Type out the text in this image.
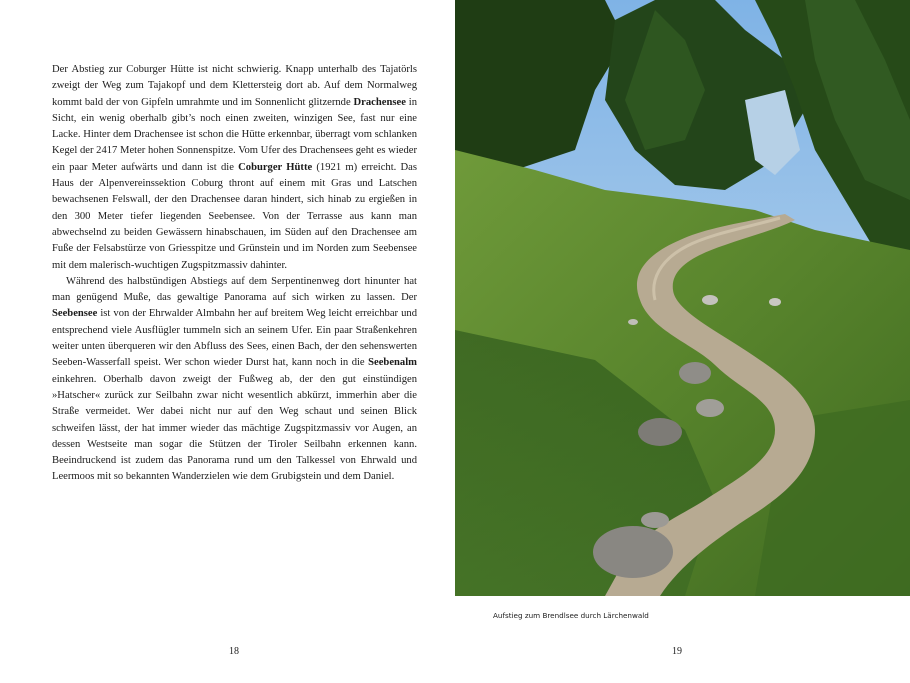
Der Abstieg zur Coburger Hütte ist nicht schwierig. Knapp unterhalb des Tajatörls zweigt der Weg zum Tajakopf und dem Klettersteig dort ab. Auf dem Normalweg kommt bald der von Gipfeln umrahmte und im Sonnenlicht glitzernde Drachensee in Sicht, ein wenig oberhalb gibt’s noch einen zweiten, winzigen See, fast nur eine Lacke. Hinter dem Drachensee ist schon die Hütte erkennbar, überragt vom schlanken Kegel der 2417 Meter hohen Sonnenspitze. Vom Ufer des Drachensees geht es wieder ein paar Meter aufwärts und dann ist die Coburger Hütte (1921 m) erreicht. Das Haus der Alpenvereinssektion Coburg thront auf einem mit Gras und Latschen bewachsenen Felswall, der den Drachensee daran hindert, sich hinab zu ergießen in den 300 Meter tiefer liegenden Seebensee. Von der Terrasse aus kann man abwechselnd zu beiden Gewässern hinabschauen, im Süden auf den Drachensee am Fuße der Felsabstürze von Griesspitze und Grünstein und im Norden zum Seebensee mit dem malerisch-wuchtigen Zugspitzmassiv dahinter.

Während des halbstündigen Abstiegs auf dem Serpentinenweg dort hinunter hat man genügend Muße, das gewaltige Panorama auf sich wirken zu lassen. Der Seebensee ist von der Ehrwalder Almbahn her auf breitem Weg leicht erreichbar und entsprechend viele Ausflügler tummeln sich an seinem Ufer. Ein paar Straßenkehren weiter unten überqueren wir den Abfluss des Sees, einen Bach, der den sehenswerten Seeben-Wasserfall speist. Wer schon wieder Durst hat, kann noch in die Seebenalm einkehren. Oberhalb davon zweigt der Fußweg ab, der den gut einstündigen »Hatscher« zurück zur Seilbahn zwar nicht wesentlich abkürzt, immerhin aber die Straße vermeidet. Wer dabei nicht nur auf den Weg schaut und seinen Blick schweifen lässt, der hat immer wieder das mächtige Zugspitzmassiv vor Augen, an dessen Westseite man sogar die Stützen der Tiroler Seilbahn erkennen kann. Beeindruckend ist zudem das Panorama rund um den Talkessel von Ehrwald und Leermoos mit so bekannten Wanderzielen wie dem Grubigstein und dem Daniel.

18
Aufstieg zum Brendlsee durch Lärchenwald
19
